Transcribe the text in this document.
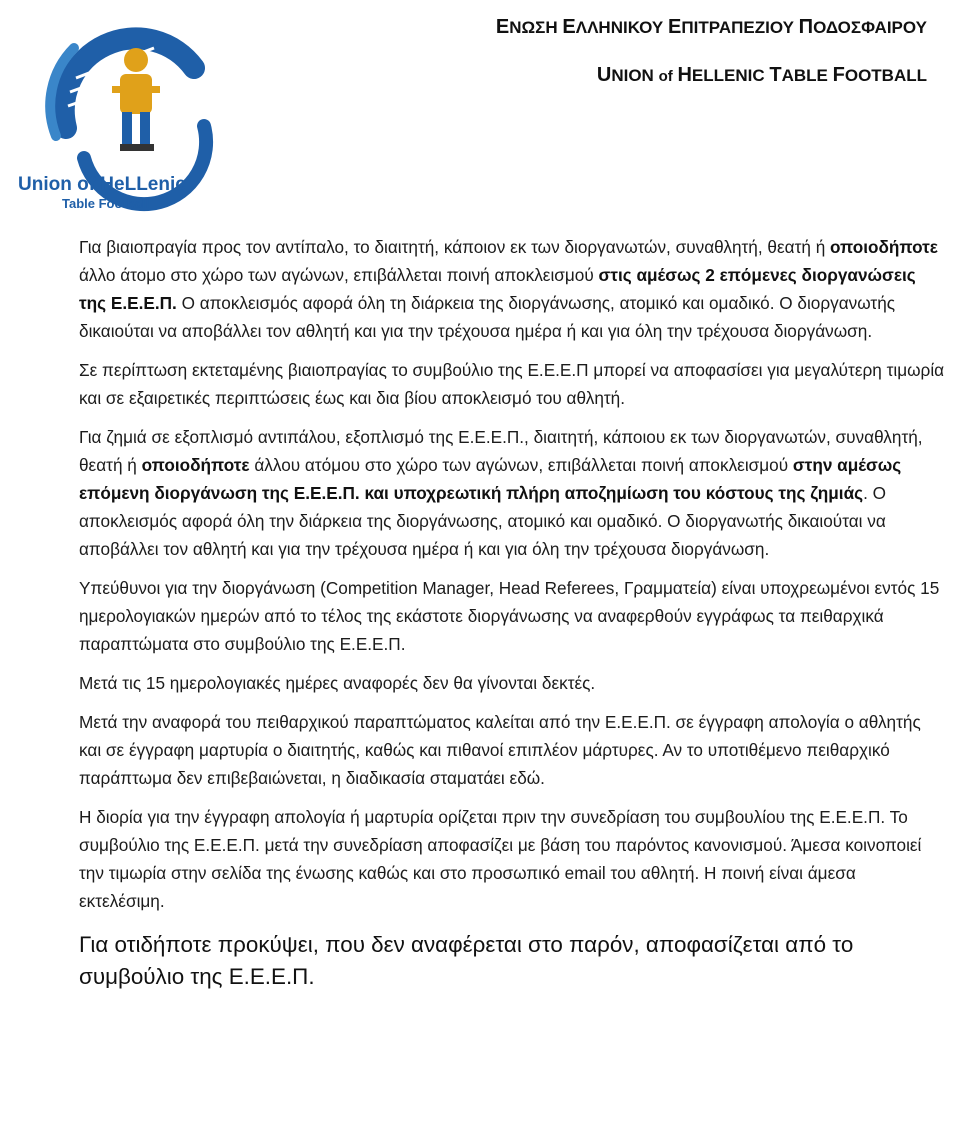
Union of HeLLenic
Table Football
ΕΝΩΣΗ ΕΛΛΗΝΙΚΟΥ ΕΠΙΤΡΑΠΕΖΙΟΥ ΠΟΔΟΣΦΑΙΡΟΥ
UNION of HELLENIC TABLE FOOTBALL

Για βιαιοπραγία προς τον αντίπαλο, το διαιτητή, κάποιον εκ των διοργανωτών, συναθλητή, θεατή ή οποιοδήποτε άλλο άτομο στο χώρο των αγώνων, επιβάλλεται ποινή αποκλεισμού στις αμέσως 2 επόμενες διοργανώσεις της Ε.Ε.Ε.Π. Ο αποκλεισμός αφορά όλη τη διάρκεια της διοργάνωσης, ατομικό και ομαδικό. Ο διοργανωτής δικαιούται να αποβάλλει τον αθλητή και για την τρέχουσα ημέρα ή και για όλη την τρέχουσα διοργάνωση.

Σε περίπτωση εκτεταμένης βιαιοπραγίας το συμβούλιο της Ε.Ε.Ε.Π μπορεί να αποφασίσει για μεγαλύτερη τιμωρία και σε εξαιρετικές περιπτώσεις έως και δια βίου αποκλεισμό του αθλητή.

Για ζημιά σε εξοπλισμό αντιπάλου, εξοπλισμό της Ε.Ε.Ε.Π., διαιτητή, κάποιου εκ των διοργανωτών, συναθλητή, θεατή ή οποιοδήποτε άλλου ατόμου στο χώρο των αγώνων, επιβάλλεται ποινή αποκλεισμού στην αμέσως επόμενη διοργάνωση της Ε.Ε.Ε.Π. και υποχρεωτική πλήρη αποζημίωση του κόστους της ζημιάς. Ο αποκλεισμός αφορά όλη την διάρκεια της διοργάνωσης, ατομικό και ομαδικό. Ο διοργανωτής δικαιούται να αποβάλλει τον αθλητή και για την τρέχουσα ημέρα ή και για όλη την τρέχουσα διοργάνωση.

Υπεύθυνοι για την διοργάνωση (Competition Manager, Head Referees, Γραμματεία) είναι υποχρεωμένοι εντός 15 ημερολογιακών ημερών από το τέλος της εκάστοτε διοργάνωσης να αναφερθούν εγγράφως τα πειθαρχικά παραπτώματα στο συμβούλιο της Ε.Ε.Ε.Π.

Μετά τις 15 ημερολογιακές ημέρες αναφορές δεν θα γίνονται δεκτές.

Μετά την αναφορά του πειθαρχικού παραπτώματος καλείται από την Ε.Ε.Ε.Π. σε έγγραφη απολογία ο αθλητής και σε έγγραφη μαρτυρία ο διαιτητής, καθώς και πιθανοί επιπλέον μάρτυρες. Αν το υποτιθέμενο πειθαρχικό παράπτωμα δεν επιβεβαιώνεται, η διαδικασία σταματάει εδώ.

Η διορία για την έγγραφη απολογία ή μαρτυρία ορίζεται πριν την συνεδρίαση του συμβουλίου της Ε.Ε.Ε.Π. Το συμβούλιο της Ε.Ε.Ε.Π. μετά την συνεδρίαση αποφασίζει με βάση του παρόντος κανονισμού. Άμεσα κοινοποιεί την τιμωρία στην σελίδα της ένωσης καθώς και στο προσωπικό email του αθλητή. Η ποινή είναι άμεσα εκτελέσιμη.

Για οτιδήποτε προκύψει, που δεν αναφέρεται στο παρόν, αποφασίζεται από το συμβούλιο της Ε.Ε.Ε.Π.
